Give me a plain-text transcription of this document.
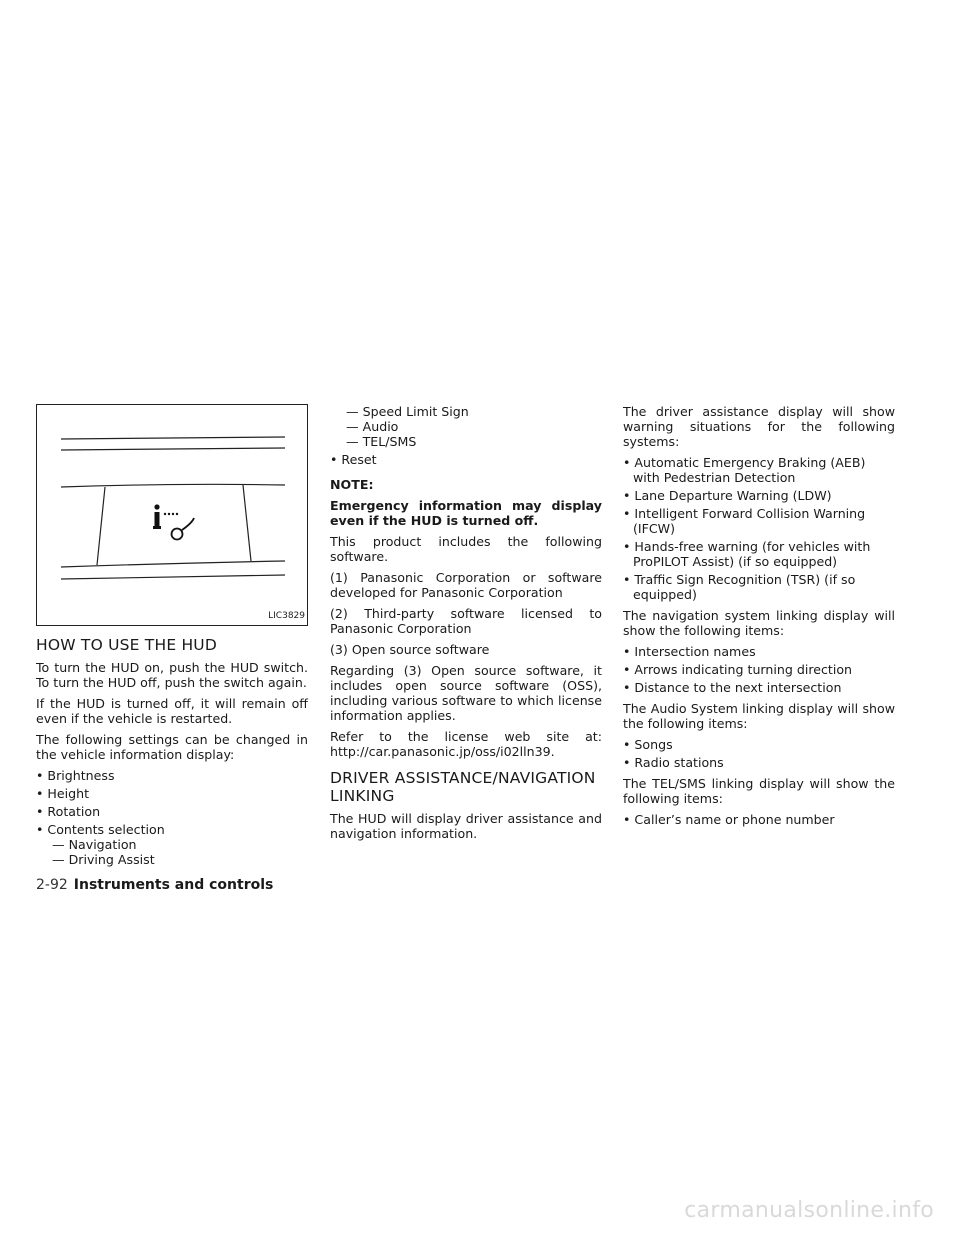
LIC3829
HOW TO USE THE HUD

To turn the HUD on, push the HUD switch. To turn the HUD off, push the switch again.

If the HUD is turned off, it will remain off even if the vehicle is restarted.

The following settings can be changed in the vehicle information display:

• Brightness
• Height
• Rotation
• Contents selection
— Navigation
— Driving Assist
— Speed Limit Sign
— Audio
— TEL/SMS
• Reset
NOTE:

Emergency information may display even if the HUD is turned off.

This product includes the following software.

(1) Panasonic Corporation or software developed for Panasonic Corporation

(2) Third-party software licensed to Panasonic Corporation

(3) Open source software

Regarding (3) Open source software, it includes open source software (OSS), including various software to which license information applies.

Refer to the license web site at: http://car.panasonic.jp/oss/i02lln39.

DRIVER ASSISTANCE/NAVIGATION LINKING

The HUD will display driver assistance and navigation information.

The driver assistance display will show warning situations for the following systems:

• Automatic Emergency Braking (AEB) with Pedestrian Detection
• Lane Departure Warning (LDW)
• Intelligent Forward Collision Warning (IFCW)
• Hands-free warning (for vehicles with ProPILOT Assist) (if so equipped)
• Traffic Sign Recognition (TSR) (if so equipped)

The navigation system linking display will show the following items:

• Intersection names
• Arrows indicating turning direction
• Distance to the next intersection

The Audio System linking display will show the following items:

• Songs
• Radio stations

The TEL/SMS linking display will show the following items:

• Caller’s name or phone number
2-92 Instruments and controls
carmanualsonline.info
